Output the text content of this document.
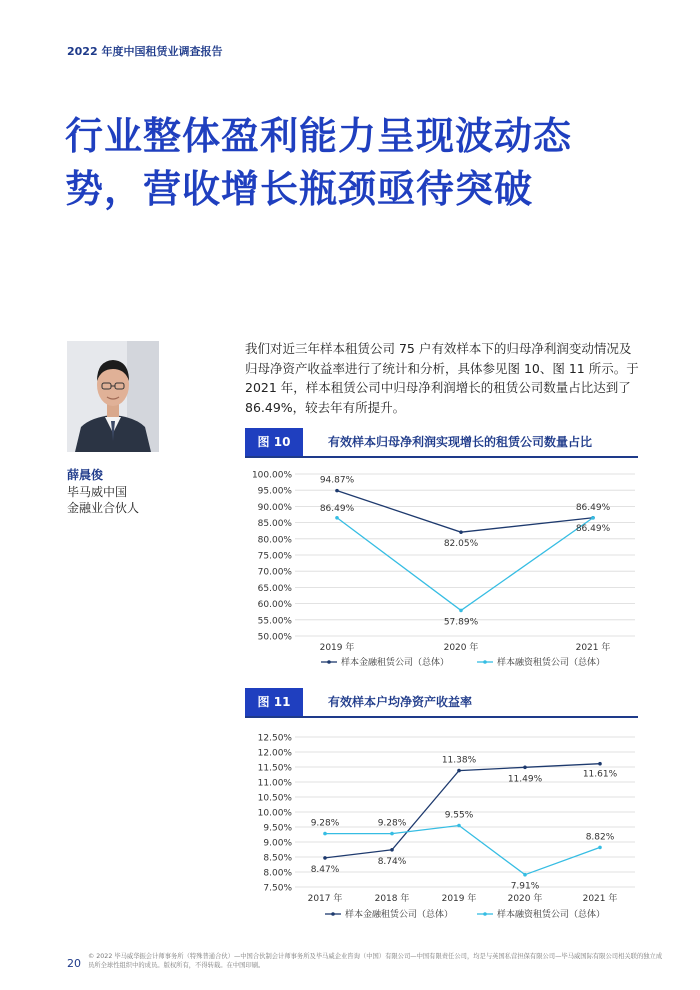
2022 年度中国租赁业调查报告
行业整体盈利能力呈现波动态
势，营收增长瓶颈亟待突破
薛晨俊
毕马威中国
金融业合伙人
我们对近三年样本租赁公司 75 户有效样本下的归母净利润变动情况及归母净资产收益率进行了统计和分析，具体参见图 10、图 11 所示。于 2021 年，样本租赁公司中归母净利润增长的租赁公司数量占比达到了 86.49%，较去年有所提升。
图 10	有效样本归母净利润实现增长的租赁公司数量占比
100.00%
95.00%
90.00%
85.00%
80.00%
75.00%
70.00%
65.00%
60.00%
55.00%
50.00%
2019 年	2020 年	2021 年
94.87%
82.05%
86.49%
86.49%
57.89%
86.49%
样本金融租赁公司（总体）	样本融资租赁公司（总体）
图 11	有效样本户均净资产收益率
12.50%
12.00%
11.50%
11.00%
10.50%
10.00%
9.50%
9.00%
8.50%
8.00%
7.50%
2017 年	2018 年	2019 年	2020 年	2021 年
8.47%
8.74%
11.38%
11.49%	11.61%
9.28%	9.28%
9.55%
7.91%
8.82%
样本金融租赁公司（总体）	样本融资租赁公司（总体）
20
© 2022 毕马威华振会计师事务所（特殊普通合伙）—中国合伙制会计师事务所及毕马威企业咨询（中国）有限公司—中国有限责任公司，均是与英国私营担保有限公司—毕马威国际有限公司相关联的独立成员所全球性组织中的成员。版权所有，不得转载。在中国印刷。
